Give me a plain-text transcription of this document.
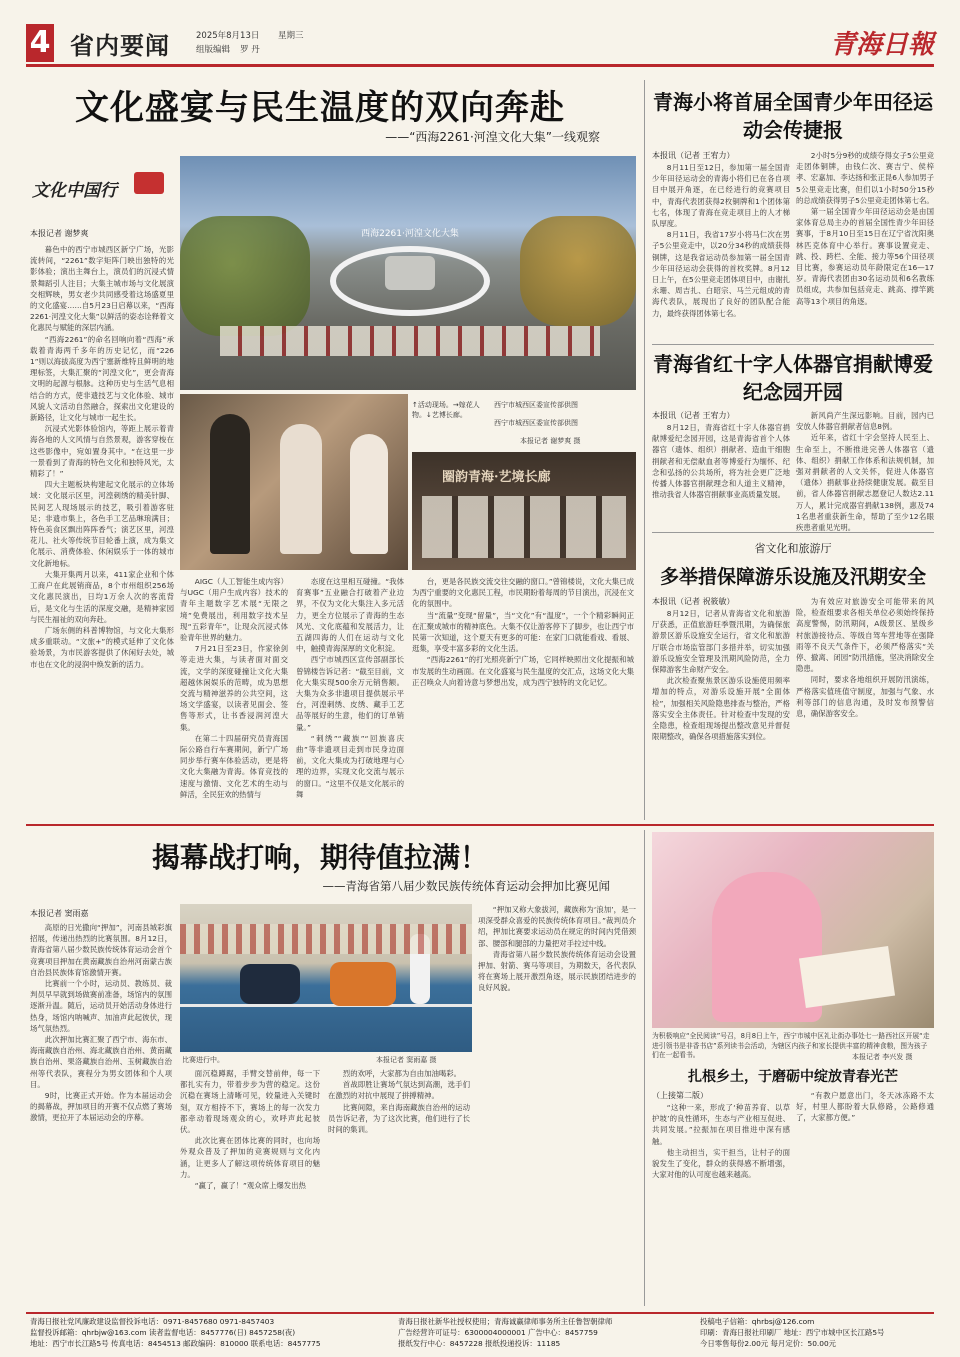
4 省内要闻	2025年8月13日 星期三
组版编辑 罗 丹	青海日報
文化盛宴与民生温度的双向奔赴
——“西海2261·河湟文化大集”一线观察
文化中国行
本报记者 谢梦爽

暮色中的西宁市城西区新宁广场，光影流转间，“2261”数字矩阵门映出独特的光影体验；演出主舞台上，演员们的沉浸式情景舞蹈引人注目；大集主城市场与文化展演交相辉映，男女老少共同感受着这场盛夏里的文化盛宴……自5月23日启幕以来，“西海2261·河湟文化大集”以鲜活的姿态诠释着文化惠民与赋能的深层内涵。

“西海2261”的命名回响向着“西海”承载着青海两千多年的历史记忆，而“2261”则以海拔高度为西宁塞新维特且鲜明的地理标签，大集汇聚的“河湟文化”，更会青海文明的起源与根脉。这种历史与生活气息相结合的方式，使非遗技艺与文化体验、城市风貌人文活动自然融合，探索出文化建设的新路径，让文化与城市一起生长。

沉浸式光影体验馆内，等距上展示着青海各地的人文风情与自然景观，游客穿梭在这些影像中，宛如置身其中。“在这里一步一景看到了青海的特色文化和独特风光，太精彩了！”

四大主题板块构建起文化展示的立体场域：文化展示区里，河湟刺绣的精美针脚、民间艺人现场展示的技艺，吸引着游客驻足；非遗市集上，各色手工艺品琳琅满目；特色美食区飘出阵阵香气；演艺区里，河湟花儿、社火等传统节目轮番上演，成为集文化展示、消费体验、休闲娱乐于一体的城市文化新地标。

大集开集两月以来，411家企业和个体工商户在此展销商品，8个市州组织256场文化惠民演出，日均1万余人次的客流背后，是文化与生活的深度交融，是精神家园与民生福祉的双向奔赴。

广场东侧的科普博物馆，与文化大集形成多重联动。“文旅+”的模式延伸了文化体验场景，为市民游客提供了休闲好去处，城市也在文化的浸润中焕发新的活力。

西海2261·河湟文化大集
↑活动现场。→嫁花人物。↓艺博长廊。
西宁市城西区委宣传部供图
西宁市城西区委宣传部供图
本报记者 谢梦爽 摄
圈韵青海·艺境长廊

AIGC（人工智能生成内容）与UGC（用户生成内容）技术的青年主题数字艺术展“无限之境”免费展出，利用数字技术呈现“五彩青年”，让现众沉浸式体验青年世界的魅力。

7月21日至23日，作家徐剑等走进大集，与读者面对面交流，文学的深度碰撞让文化大集超越休闲娱乐的范畴，成为思想交流与精神滋养的公共空间，这场文学盛宴，以读者见面会、签售等形式，让书香浸润河湟大集。

在第二十四届研究员青海国际公路自行车赛期间，新宁广场同步举行赛车体验活动，更是将文化大集融为青海。体育竞技的速度与激情、文化艺术的生动与鲜活，全民狂欢的热情与

态度在这里相互碰撞。“我体育赛事”五业融合打破着产业边界，不仅为文化大集注入多元活力，更全方位展示了青海的生态风光、文化底蕴和发展活力，让五湖四海的人们在运动与文化中，触摸青海深厚的文化积淀。

西宁市城西区宣传部副部长曾锦楼告诉记者：“截至目前，文化大集实现500余万元销售额。大集为众多非遗项目提供展示平台，河湟刺绣、皮绣、藏手工艺品等展好的生意，他们的订单销量。”

“刺绣”“藏族”“回族喜庆曲”等非遗项目走到市民身边面前，文化大集成为打破地理与心理的边界，实现文化交流与展示的窗口。“这里不仅是文化展示的舞

台，更是各民族交流交往交融的窗口。”曾锦楼说，文化大集已成为西宁重要的文化惠民工程，市民期盼着每周的节目演出，沉浸在文化的氛围中。

当“流量”变现“留量”，当“文化”有“温度”，一个个精彩瞬间正在汇聚成城市的精神底色。大集不仅让游客停下了脚步，也让西宁市民第一次知道，这个夏天有更多的可能：在家门口就能看戏、看展、逛集，享受丰富多彩的文化生活。

“西海2261”的打光照亮新宁广场，它同样映照出文化提振和城市发展的生动画面。在文化盛宴与民生温度的交汇点，这场文化大集正召唤众人向着诗意与梦想出发，成为西宁独特的文化记忆。

青海小将首届全国青少年田径运动会传捷报
本报讯（记者 王宥力）

8月11日至12日，参加第一届全国青少年田径运动会的青海小将们已在各自项目中展开角逐，在已经进行的竞赛项目中，青海代表团获得2枚铜牌和1个团体第七名，体现了青海在竞走项目上的人才梯队厚度。

8月11日，我省17岁小将马仁次在男子5公里竞走中，以20分34秒的成绩获得铜牌，这是我省运动员参加第一届全国青少年田径运动会获得的首枚奖牌。8月12日上午，在5公里竞走团体项目中，由谢扎永珊、周吉扎、白昭宗、马兰元组成的青海代表队，展现出了良好的团队配合能力，最终获得团体第七名。

2小时5分9秒的成绩夺得女子5公里竞走团体铜牌，由钱仁次、赛吉宁、侯梓孝、宏嘉加、李达扬和张正昆6人参加男子5公里竞走比赛，但们以1小时50分15秒的总成绩获得男子5公里竞走团体第七名。

第一届全国青少年田径运动会是由国家体育总局主办的首届全国性青少年田径赛事，于8月10日至15日在辽宁省沈阳奥林匹克体育中心举行。赛事设置竞走、跳、投、跨栏、全能、接力等56个田径项目比赛，参赛运动员年龄限定在16—17岁。青海代表团由30名运动员和6名教练员组成，共参加包括竞走、跳高、撑竿跳高等13个项目的角逐。

青海省红十字人体器官捐献博爱纪念园开园
本报讯（记者 王宥力）

8月12日，青海省红十字人体器官捐献博爱纪念园开园，这是青海省首个人体器官（遗体、组织）捐献者、造血干细胞捐献者和无偿献血者等博爱行为缅怀、纪念和弘扬的公共场所，将为社会更广泛地传播人体器官捐献理念和人道主义精神，推动我省人体器官捐献事业高质量发展。

新风尚产生深远影响。目前，园内已安放人体器官捐献者信息8例。

近年来，省红十字会坚持人民至上、生命至上，不断推进完善人体器官（遗体、组织）捐献工作体系和法规机制，加强对捐献者的人文关怀，促进人体器官（遗体）捐献事业持续健康发展。截至目前，省人体器官捐献志愿登记人数达2.11万人，累计完成器官捐献138例，惠及741名患者重获新生命，帮助了至少12名眼疾患者重见光明。

省文化和旅游厅
多举措保障游乐设施及汛期安全
本报讯（记者 祝筱敏）

8月12日，记者从青海省文化和旅游厅获悉，正值旅游旺季暨汛期，为确保旅游景区游乐设施安全运行，省文化和旅游厅联合市场监管部门多措并举，切实加强游乐设施安全管理及汛期风险防范，全力保障游客生命财产安全。

此次检查聚焦景区游乐设施使用频率增加的特点，对游乐设施开展“全面体检”，加强相关风险隐患排查与整治，严格落实安全主体责任。针对检查中发现的安全隐患，检查组现场提出整改意见并督促限期整改，确保各项措施落实到位。

为有效应对旅游安全可能带来的风险，检查组要求各相关单位必须始终保持高度警惕，防汛期间，A级景区、星级乡村旅游接待点、等级自驾车营地等在强降雨等不良天气条件下，必须严格落实“关停、撤离、闭园”防汛措施，坚决消除安全隐患。

同时，要求各地组织开展防汛演练，严格落实值班值守制度，加强与气象、水利等部门的信息沟通，及时发布预警信息，确保游客安全。

揭幕战打响，期待值拉满！
——青海省第八届少数民族传统体育运动会押加比赛见闻
本报记者 窦雨嘉

高原的日光撒向“押加”，河南县城彩旗招展，传递出热烈的比赛氛围。8月12日，青海省第八届少数民族传统体育运动会首个竞赛项目押加在黄南藏族自治州河南蒙古族自治县民族体育馆激情开赛。

比赛前一个小时，运动员、教练员、裁判员早早就到场做赛前准备，场馆内的氛围逐渐升温。随后，运动员开始活动身体进行热身，场馆内呐喊声、加油声此起彼伏，现场气氛热烈。

此次押加比赛汇聚了西宁市、海东市、海南藏族自治州、海北藏族自治州、黄南藏族自治州、果洛藏族自治州、玉树藏族自治州等代表队，赛程分为男女团体和个人项目。

9时，比赛正式开始。作为本届运动会的揭幕战，押加项目的开赛不仅点燃了赛场激情，更拉开了本届运动会的序幕。

比赛进行中。	本报记者 窦雨嘉 摄

面沉稳蹲踞，手臂交替前伸，每一下都扎实有力，带着步步为营的稳定。这份沉稳在赛场上清晰可见，较量进入关键时刻，双方相持不下，赛场上的每一次发力都牵动着现场观众的心，欢呼声此起彼伏。

此次比赛在团体比赛的同时，也向场外观众普及了押加的竞赛规则与文化内涵，让更多人了解这项传统体育项目的魅力。

“赢了，赢了！”观众席上爆发出热

烈的欢呼，大家都为自由加油喝彩。

首战即胜让赛场气氛达到高潮，选手们在激烈的对抗中展现了拼搏精神。

比赛间隙，来自海南藏族自治州的运动员告诉记者，为了这次比赛，他们进行了长时间的集训。

“押加又称大象拔河，藏族称为‘浪加’，是一项深受群众喜爱的民族传统体育项目。”裁判员介绍，押加比赛要求运动员在规定的时间内凭借颈部、腰部和腿部的力量把对手拉过中线。

青海省第八届少数民族传统体育运动会设置押加、射箭、赛马等项目，为期数天，各代表队将在赛场上展开激烈角逐，展示民族团结进步的良好风貌。

为积极响应“全民阅读”号召，8月8日上午，西宁市城中区礼让街办事处七一路西社区开展“走进引领书是非香书店”系列读书会活动，为辖区内孩子和家长提供丰富的精神食粮，图为孩子们在一起看书。	本报记者 李兴发 摄
扎根乡土，于磨砺中绽放青春光芒
（上接第二版）

“这种一来，形成了‘种苗养育、以草护坡’的良性循环，生态与产业相互促进、共同发展。”拉振加在项目推进中深有感触。

他主动担当，实干担当，让村子的面貌发生了变化，群众的获得感不断增强，大家对他的认可度也越来越高。

“有教户愿意出门，冬天冰冻路不太好，村里人都盼着大队修路，公路修通了，大家都方便。”

青海日报社党风廉政建设监督投诉电话：0971-8457680 0971-8457403
监督投诉邮箱：qhrbjw@163.com 读者监督电话：8457776(日) 8457258(夜)
地址：西宁市长江路5号 传真电话：8454513 邮政编码：810000 联系电话：8457775
青海日报社新华社授权使用；青海诚赢律师事务所主任鲁智朝律师
广告经营许可证号：6300004000001 广告中心：8457759
报纸发行中心：8457228 报纸投递投诉：11185
投稿电子信箱：qhrbsj@126.com
印刷：青海日报社印刷厂 地址：西宁市城中区长江路5号
今日零售每份2.00元 每月定价：50.00元
